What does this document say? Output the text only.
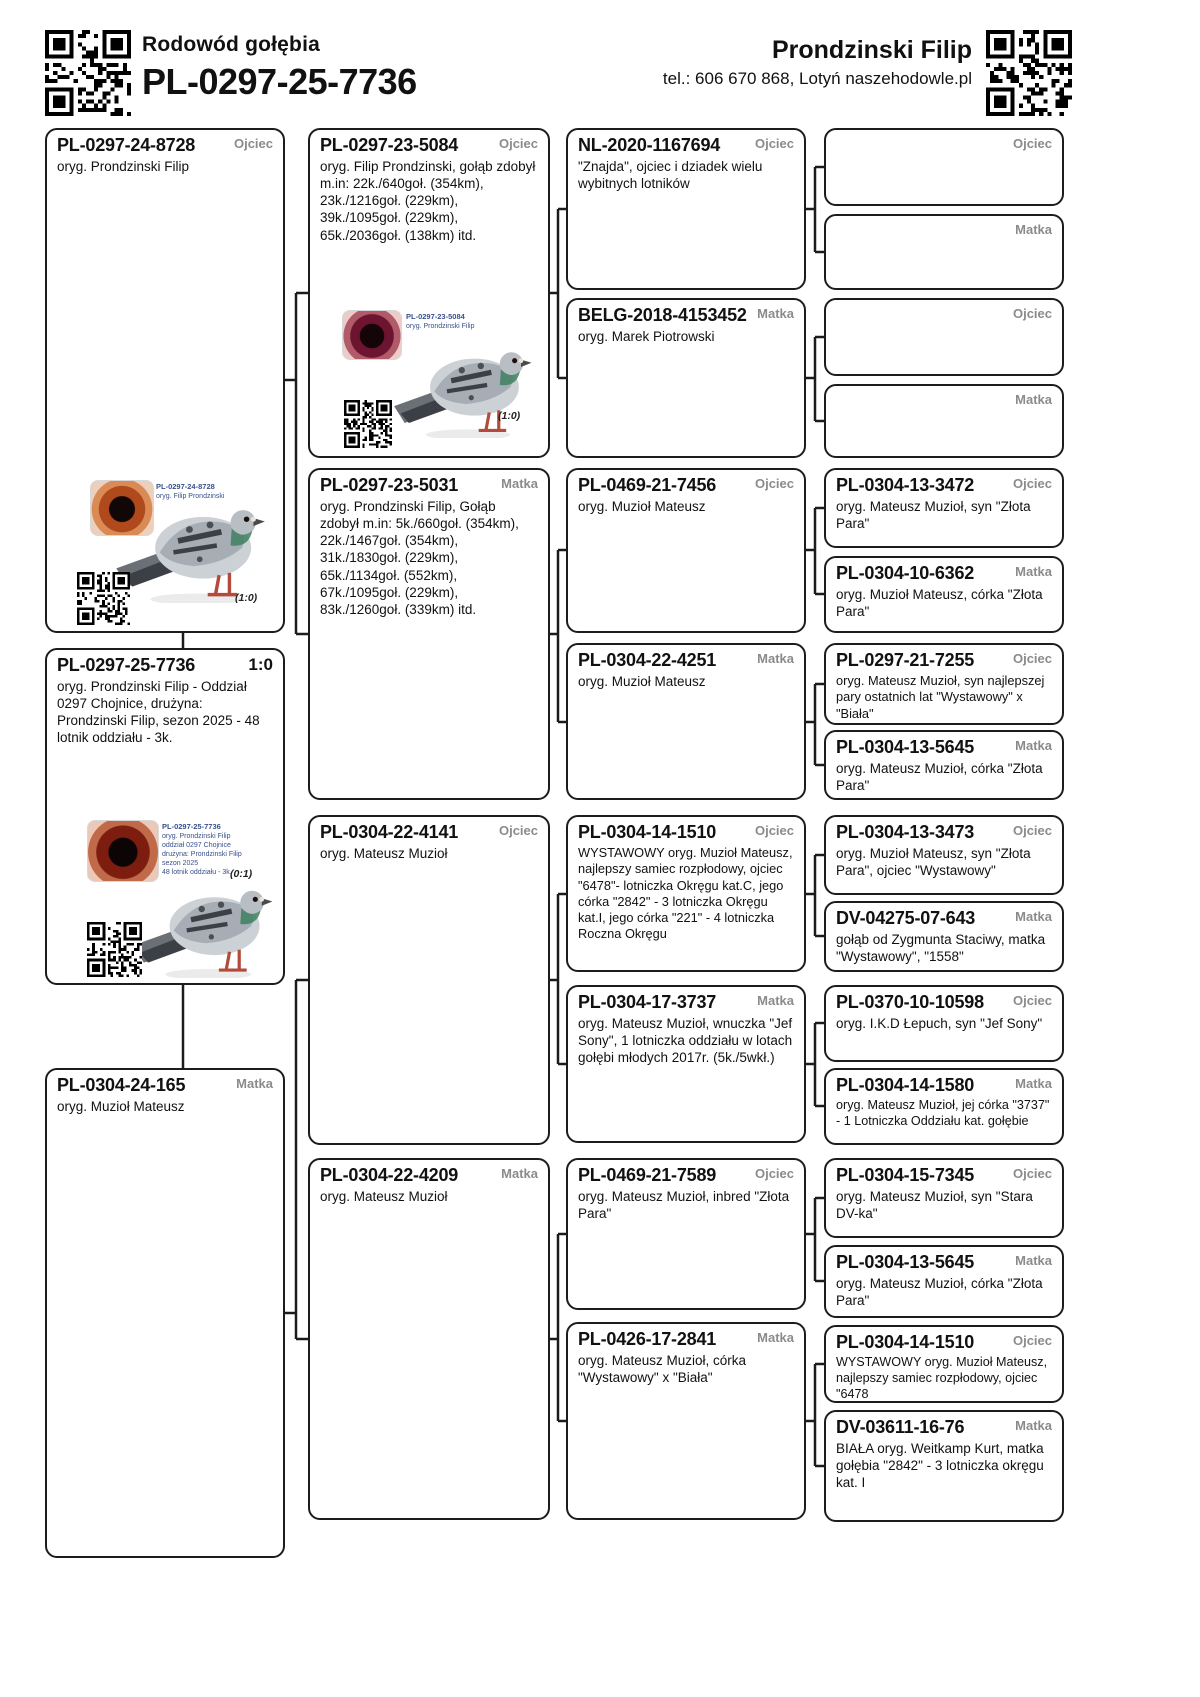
Rodowód gołębia
PL-0297-25-7736
Prondzinski Filip
tel.: 606 670 868, Lotyń naszehodowle.pl
PL-0297-24-8728	Ojciec
oryg. Prondzinski Filip
PL-0297-24-8728
oryg. Filip Prondzinski
(1:0)
PL-0297-25-7736	1:0
oryg. Prondzinski Filip - Oddział 0297 Chojnice, drużyna: Prondzinski Filip, sezon 2025 - 48 lotnik oddziału - 3k.
PL-0297-25-7736
oryg. Prondzinski Filip
oddział 0297 Chojnice
drużyna: Prondzinski Filip
sezon 2025
48 lotnik oddziału - 3k.
(0:1)
PL-0304-24-165	Matka
oryg. Muzioł Mateusz
PL-0297-23-5084	Ojciec
oryg. Filip Prondzinski, gołąb zdobył m.in: 22k./640goł. (354km), 23k./1216goł. (229km), 39k./1095goł. (229km), 65k./2036goł. (138km) itd.
PL-0297-23-5084
oryg. Prondzinski Filip
(1:0)
PL-0297-23-5031	Matka
oryg. Prondzinski Filip, Gołąb zdobył m.in: 5k./660goł. (354km), 22k./1467goł. (354km), 31k./1830goł. (229km), 65k./1134goł. (552km), 67k./1095goł. (229km), 83k./1260goł. (339km) itd.
PL-0304-22-4141	Ojciec
oryg. Mateusz Muzioł
PL-0304-22-4209	Matka
oryg. Mateusz Muzioł
NL-2020-1167694	Ojciec
"Znajda", ojciec i dziadek wielu wybitnych lotników
BELG-2018-4153452 Matka
oryg. Marek Piotrowski
PL-0469-21-7456	Ojciec
oryg. Muzioł Mateusz
PL-0304-22-4251	Matka
oryg. Muzioł Mateusz
PL-0304-14-1510	Ojciec
WYSTAWOWY oryg. Muzioł Mateusz, najlepszy samiec rozpłodowy, ojciec "6478"- lotniczka Okręgu kat.C, jego córka "2842" - 3 lotniczka Okręgu kat.I, jego córka "221" - 4 lotniczka Roczna Okręgu
PL-0304-17-3737	Matka
oryg. Mateusz Muzioł, wnuczka "Jef Sony", 1 lotniczka oddziału w lotach gołębi młodych 2017r. (5k./5wkł.)
PL-0469-21-7589	Ojciec
oryg. Mateusz Muzioł, inbred "Złota Para"
PL-0426-17-2841	Matka
oryg. Mateusz Muzioł, córka "Wystawowy" x "Biała"
Ojciec
Matka
Ojciec
Matka
PL-0304-13-3472	Ojciec
oryg. Mateusz Muzioł, syn "Złota Para"
PL-0304-10-6362	Matka
oryg. Muzioł Mateusz, córka "Złota Para"
PL-0297-21-7255	Ojciec
oryg. Mateusz Muzioł, syn najlepszej pary ostatnich lat "Wystawowy" x "Biała"
PL-0304-13-5645	Matka
oryg. Mateusz Muzioł, córka "Złota Para"
PL-0304-13-3473	Ojciec
oryg. Muzioł Mateusz, syn "Złota Para", ojciec "Wystawowy"
DV-04275-07-643	Matka
gołąb od Zygmunta Staciwy, matka "Wystawowy", "1558"
PL-0370-10-10598 Ojciec
oryg. I.K.D Łepuch, syn "Jef Sony"
PL-0304-14-1580	Matka
oryg. Mateusz Muzioł, jej córka "3737" - 1 Lotniczka Oddziału kat. gołębie
PL-0304-15-7345	Ojciec
oryg. Mateusz Muzioł, syn "Stara DV-ka"
PL-0304-13-5645	Matka
oryg. Mateusz Muzioł, córka "Złota Para"
PL-0304-14-1510	Ojciec
WYSTAWOWY oryg. Muzioł Mateusz, najlepszy samiec rozpłodowy, ojciec "6478
DV-03611-16-76	Matka
BIAŁA oryg. Weitkamp Kurt, matka gołębia "2842" - 3 lotniczka okręgu kat. I
